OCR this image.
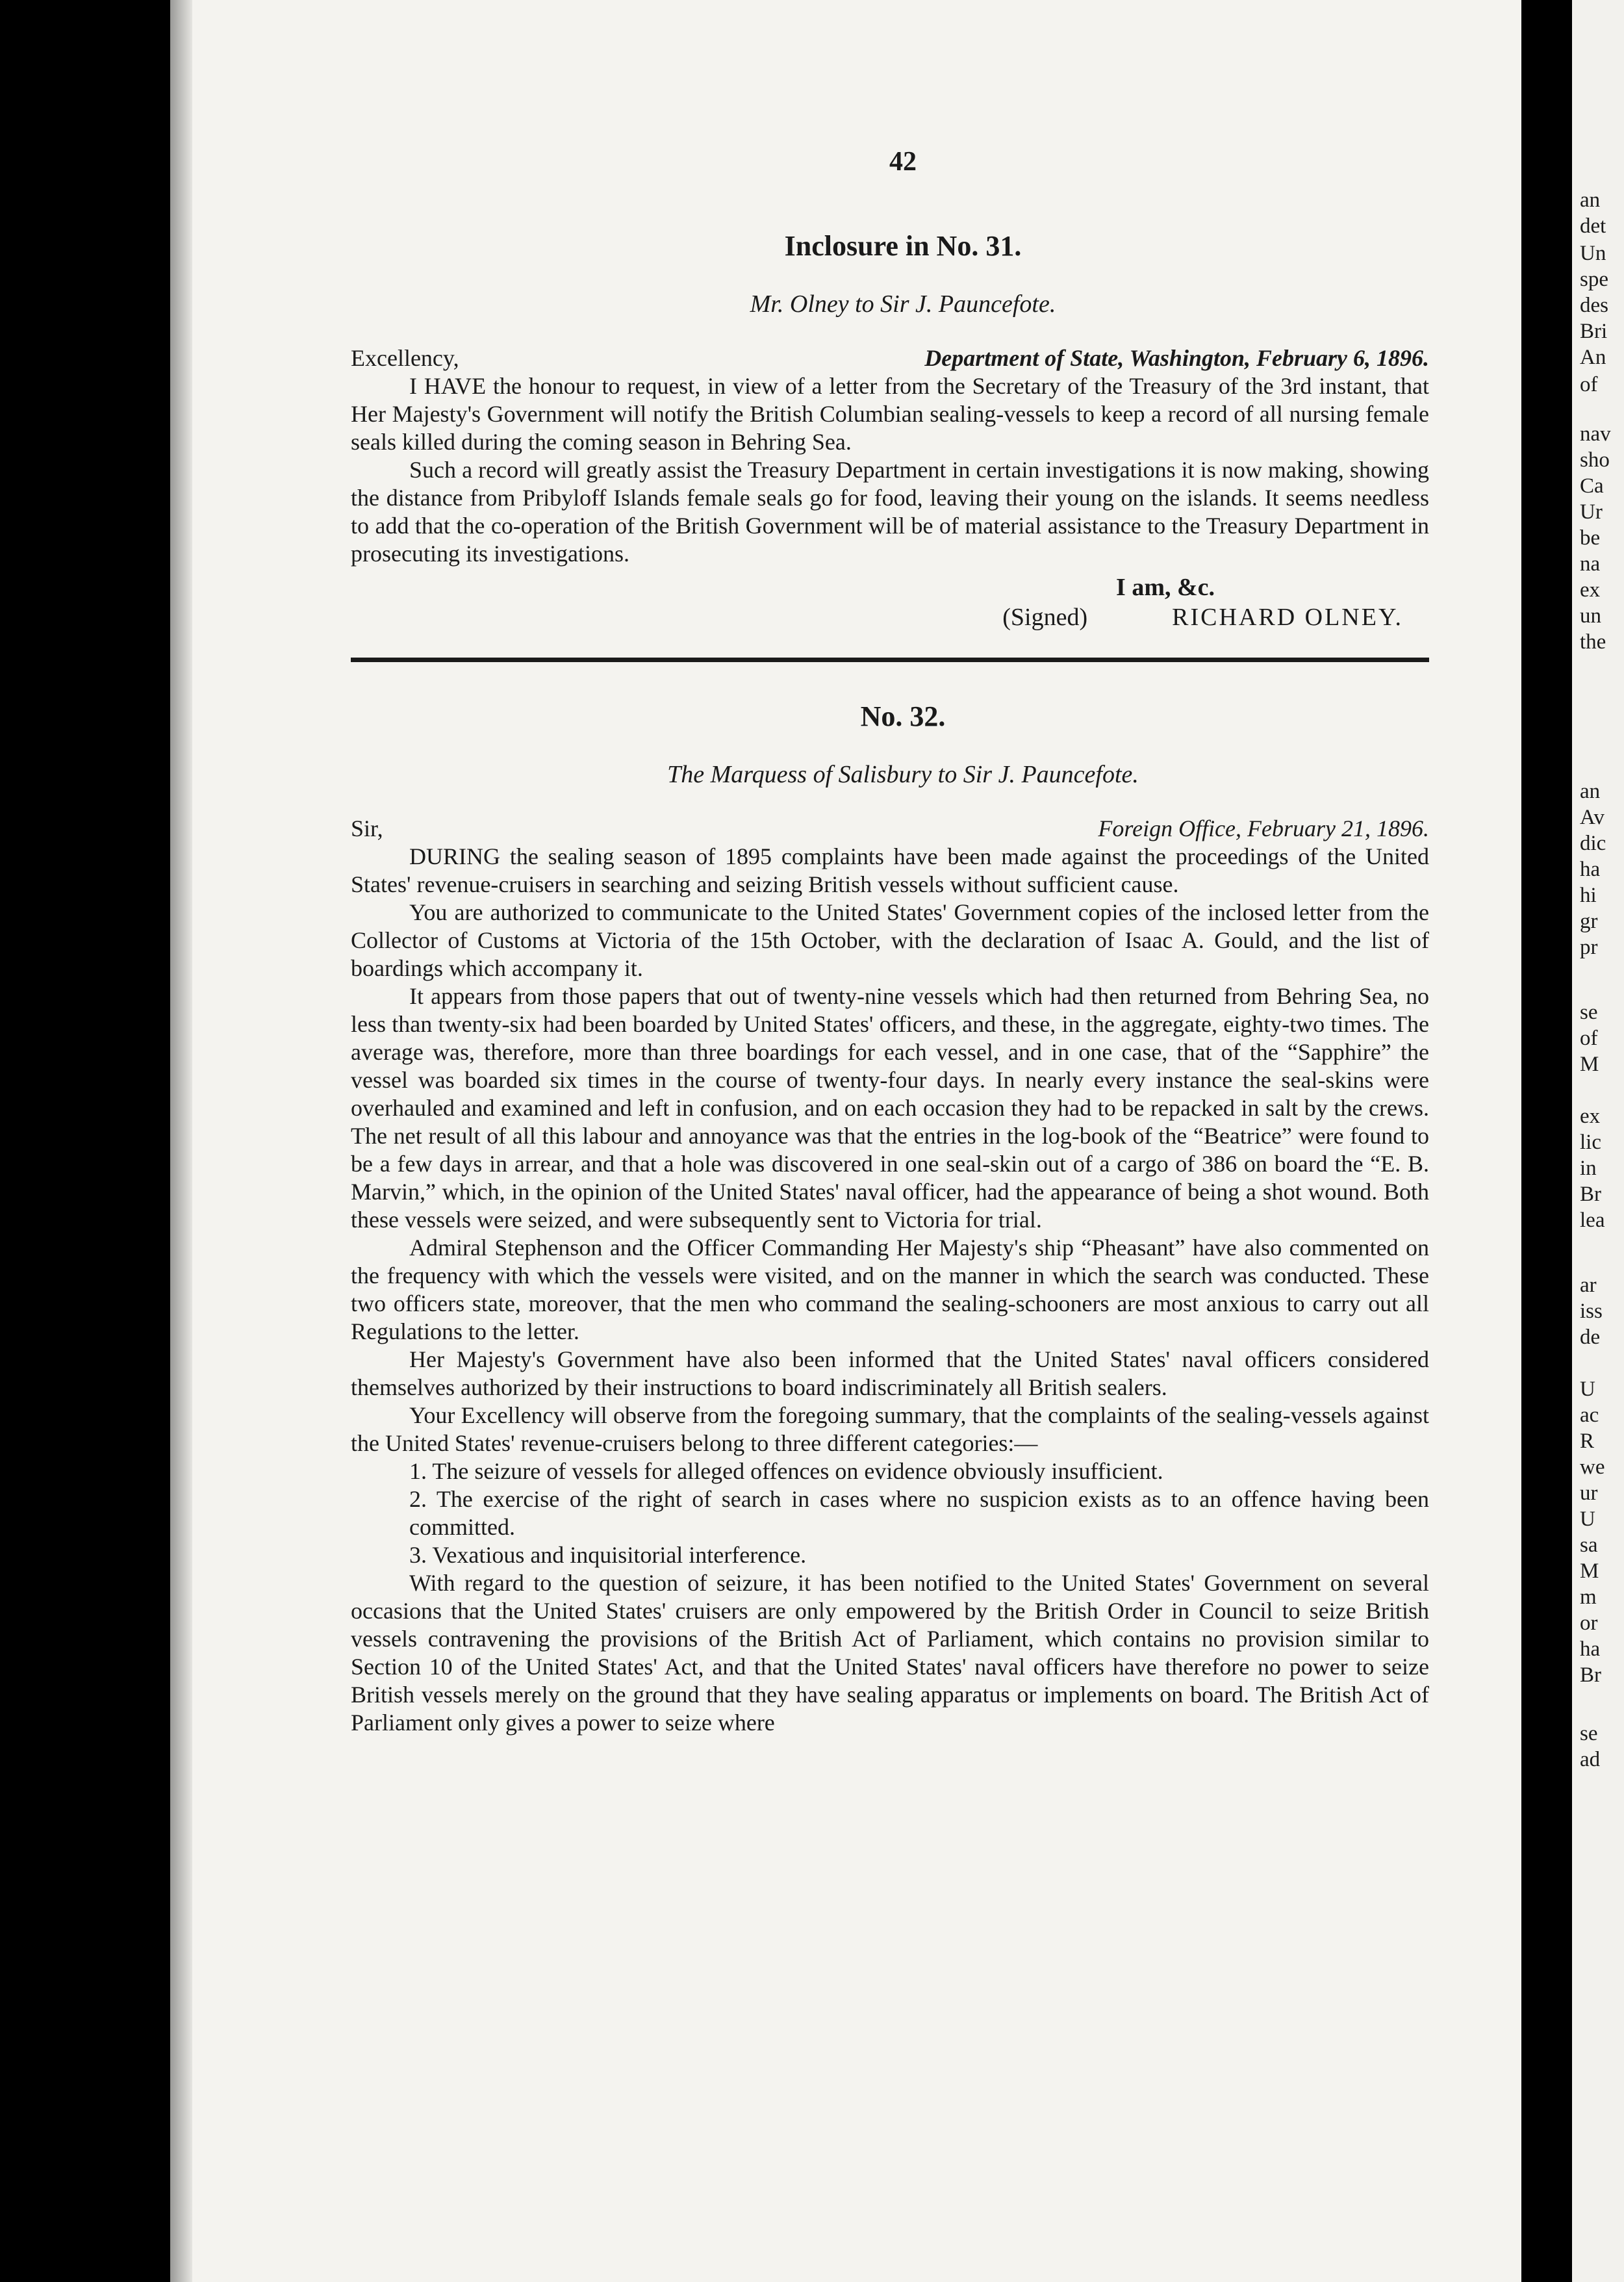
an
det
Un
spe
des
Bri
An
of
nav
sho
Ca
Ur
be
na
ex
un
the
an
Av
dic
ha
hi
gr
pr
se
of
M
ex
lic
in
Br
lea
ar
iss
de
U
ac
R
we
ur
U
sa
M
m
or
ha
Br
se
ad
42
Inclosure in No. 31.
Mr. Olney to Sir J. Pauncefote.
Excellency,	Department of State, Washington, February 6, 1896.

I HAVE the honour to request, in view of a letter from the Secretary of the Treasury of the 3rd instant, that Her Majesty's Government will notify the British Columbian sealing-vessels to keep a record of all nursing female seals killed during the coming season in Behring Sea.

Such a record will greatly assist the Treasury Department in certain investigations it is now making, showing the distance from Pribyloff Islands female seals go for food, leaving their young on the islands. It seems needless to add that the co-operation of the British Government will be of material assistance to the Treasury Department in prosecuting its investigations.

I am, &c.
(Signed)	RICHARD OLNEY.
No. 32.
The Marquess of Salisbury to Sir J. Pauncefote.
Sir,	Foreign Office, February 21, 1896.

DURING the sealing season of 1895 complaints have been made against the proceedings of the United States' revenue-cruisers in searching and seizing British vessels without sufficient cause.

You are authorized to communicate to the United States' Government copies of the inclosed letter from the Collector of Customs at Victoria of the 15th October, with the declaration of Isaac A. Gould, and the list of boardings which accompany it.

It appears from those papers that out of twenty-nine vessels which had then returned from Behring Sea, no less than twenty-six had been boarded by United States' officers, and these, in the aggregate, eighty-two times. The average was, therefore, more than three boardings for each vessel, and in one case, that of the “Sapphire” the vessel was boarded six times in the course of twenty-four days. In nearly every instance the seal-skins were overhauled and examined and left in confusion, and on each occasion they had to be repacked in salt by the crews. The net result of all this labour and annoyance was that the entries in the log-book of the “Beatrice” were found to be a few days in arrear, and that a hole was discovered in one seal-skin out of a cargo of 386 on board the “E. B. Marvin,” which, in the opinion of the United States' naval officer, had the appearance of being a shot wound. Both these vessels were seized, and were subsequently sent to Victoria for trial.

Admiral Stephenson and the Officer Commanding Her Majesty's ship “Pheasant” have also commented on the frequency with which the vessels were visited, and on the manner in which the search was conducted. These two officers state, moreover, that the men who command the sealing-schooners are most anxious to carry out all Regulations to the letter.

Her Majesty's Government have also been informed that the United States' naval officers considered themselves authorized by their instructions to board indiscriminately all British sealers.

Your Excellency will observe from the foregoing summary, that the complaints of the sealing-vessels against the United States' revenue-cruisers belong to three different categories:—

1. The seizure of vessels for alleged offences on evidence obviously insufficient.

2. The exercise of the right of search in cases where no suspicion exists as to an offence having been committed.

3. Vexatious and inquisitorial interference.

With regard to the question of seizure, it has been notified to the United States' Government on several occasions that the United States' cruisers are only empowered by the British Order in Council to seize British vessels contravening the provisions of the British Act of Parliament, which contains no provision similar to Section 10 of the United States' Act, and that the United States' naval officers have therefore no power to seize British vessels merely on the ground that they have sealing apparatus or implements on board. The British Act of Parliament only gives a power to seize where
